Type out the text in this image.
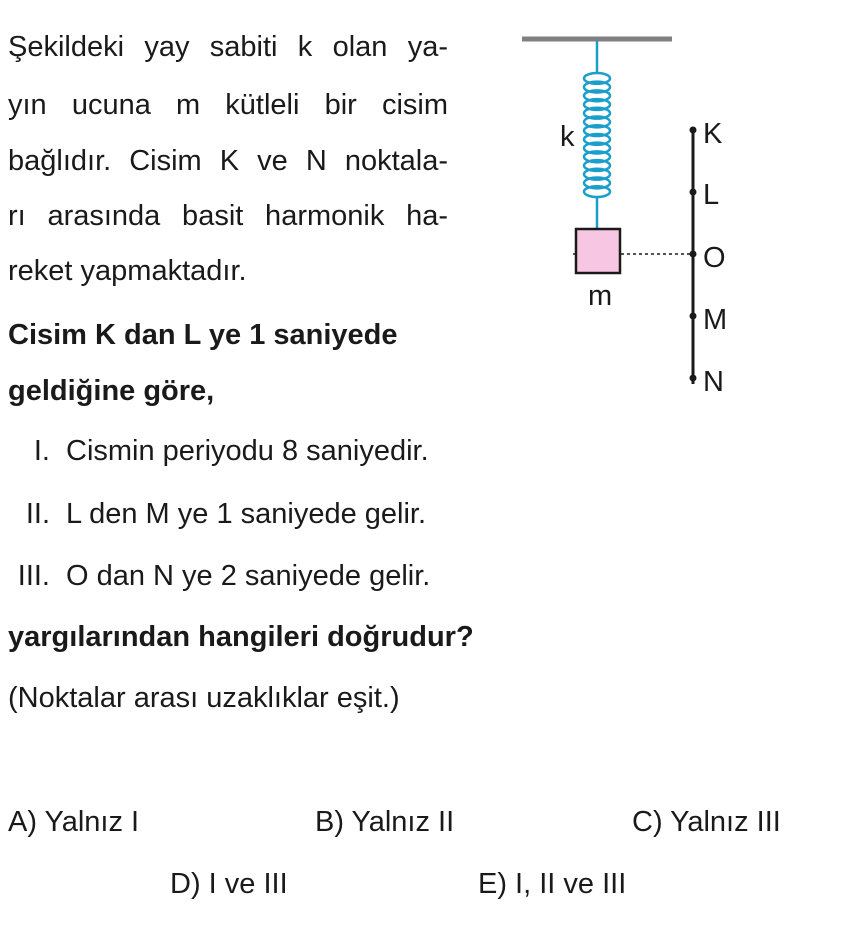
Şekildeki yay sabiti k olan ya-
yın ucuna m kütleli bir cisim
bağlıdır. Cisim K ve N noktala-
rı arasında basit harmonik ha-
reket yapmaktadır.
Cisim K dan L ye 1 saniyede
geldiğine göre,
I. Cismin periyodu 8 saniyedir.
II. L den M ye 1 saniyede gelir.
III. O dan N ye 2 saniyede gelir.
yargılarından hangileri doğrudur?
(Noktalar arası uzaklıklar eşit.)
A) Yalnız I	B) Yalnız II	C) Yalnız III
D) I ve III	E) I, II ve III
k
m
K
L
O
M
N
